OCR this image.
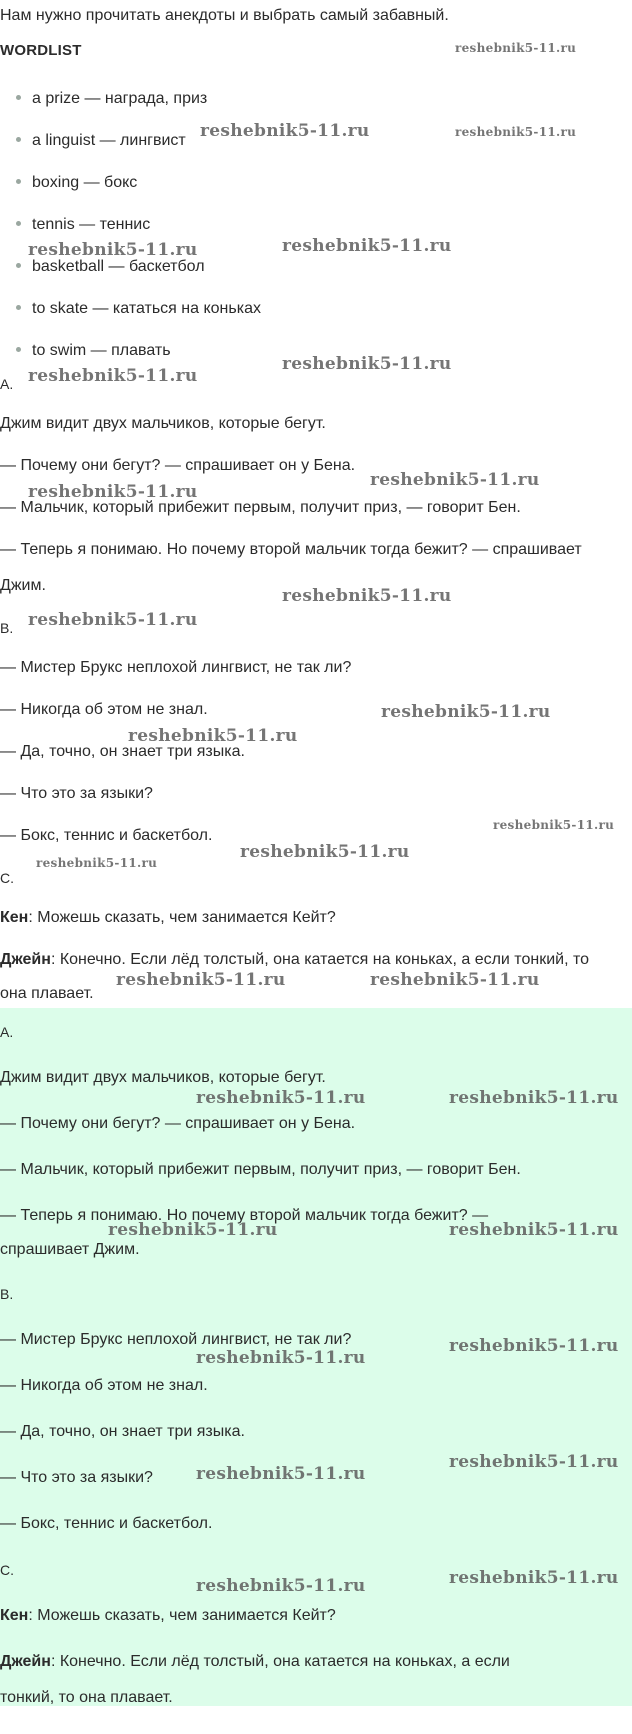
Нам нужно прочитать анекдоты и выбрать самый забавный.
WORDLIST
a prize — награда, приз
a linguist — лингвист
boxing — бокс
tennis — теннис
basketball — баскетбол
to skate — кататься на коньках
to swim — плавать
A.
Джим видит двух мальчиков, которые бегут.
— Почему они бегут? — спрашивает он у Бена.
— Мальчик, который прибежит первым, получит приз, — говорит Бен.
— Теперь я понимаю. Но почему второй мальчик тогда бежит? — спрашивает
Джим.
B.
— Мистер Брукс неплохой лингвист, не так ли?
— Никогда об этом не знал.
— Да, точно, он знает три языка.
— Что это за языки?
— Бокс, теннис и баскетбол.
C.
Кен: Можешь сказать, чем занимается Кейт?
Джейн: Конечно. Если лёд толстый, она катается на коньках, а если тонкий, то
она плавает.
A.
Джим видит двух мальчиков, которые бегут.
— Почему они бегут? — спрашивает он у Бена.
— Мальчик, который прибежит первым, получит приз, — говорит Бен.
— Теперь я понимаю. Но почему второй мальчик тогда бежит? —
спрашивает Джим.
B.
— Мистер Брукс неплохой лингвист, не так ли?
— Никогда об этом не знал.
— Да, точно, он знает три языка.
— Что это за языки?
— Бокс, теннис и баскетбол.
C.
Кен: Можешь сказать, чем занимается Кейт?
Джейн: Конечно. Если лёд толстый, она катается на коньках, а если
тонкий, то она плавает.
reshebnik5-11.ru
reshebnik5-11.ru	reshebnik5-11.ru
reshebnik5-11.ru	reshebnik5-11.ru
reshebnik5-11.ru
reshebnik5-11.ru
reshebnik5-11.ru
reshebnik5-11.ru
reshebnik5-11.ru
reshebnik5-11.ru
reshebnik5-11.ru
reshebnik5-11.ru
reshebnik5-11.ru
reshebnik5-11.ru
reshebnik5-11.ru
reshebnik5-11.ru	reshebnik5-11.ru
reshebnik5-11.ru	reshebnik5-11.ru
reshebnik5-11.ru	reshebnik5-11.ru
reshebnik5-11.ru
reshebnik5-11.ru
reshebnik5-11.ru
reshebnik5-11.ru
reshebnik5-11.ru
reshebnik5-11.ru
